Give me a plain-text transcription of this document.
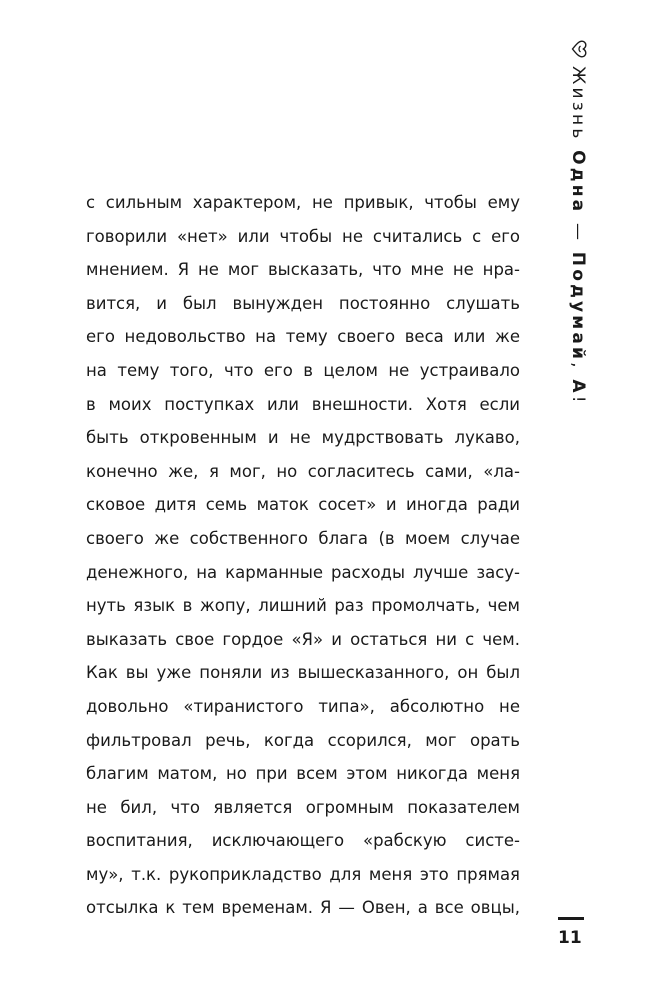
Жизнь Одна — Подумай, А!
с сильным характером, не привык, чтобы ему
говорили «нет» или чтобы не считались с его
мнением. Я не мог высказать, что мне не нра-
вится, и был вынужден постоянно слушать
его недовольство на тему своего веса или же
на тему того, что его в целом не устраивало
в моих поступках или внешности. Хотя если
быть откровенным и не мудрствовать лукаво,
конечно же, я мог, но согласитесь сами, «ла-
сковое дитя семь маток сосет» и иногда ради
своего же собственного блага (в моем случае
денежного, на карманные расходы лучше засу-
нуть язык в жопу, лишний раз промолчать, чем
выказать свое гордое «Я» и остаться ни с чем.
Как вы уже поняли из вышесказанного, он был
довольно «тиранистого типа», абсолютно не
фильтровал речь, когда ссорился, мог орать
благим матом, но при всем этом никогда меня
не бил, что является огромным показателем
воспитания, исключающего «рабскую систе-
му», т.к. рукоприкладство для меня это прямая
отсылка к тем временам. Я — Овен, а все овцы,
11
